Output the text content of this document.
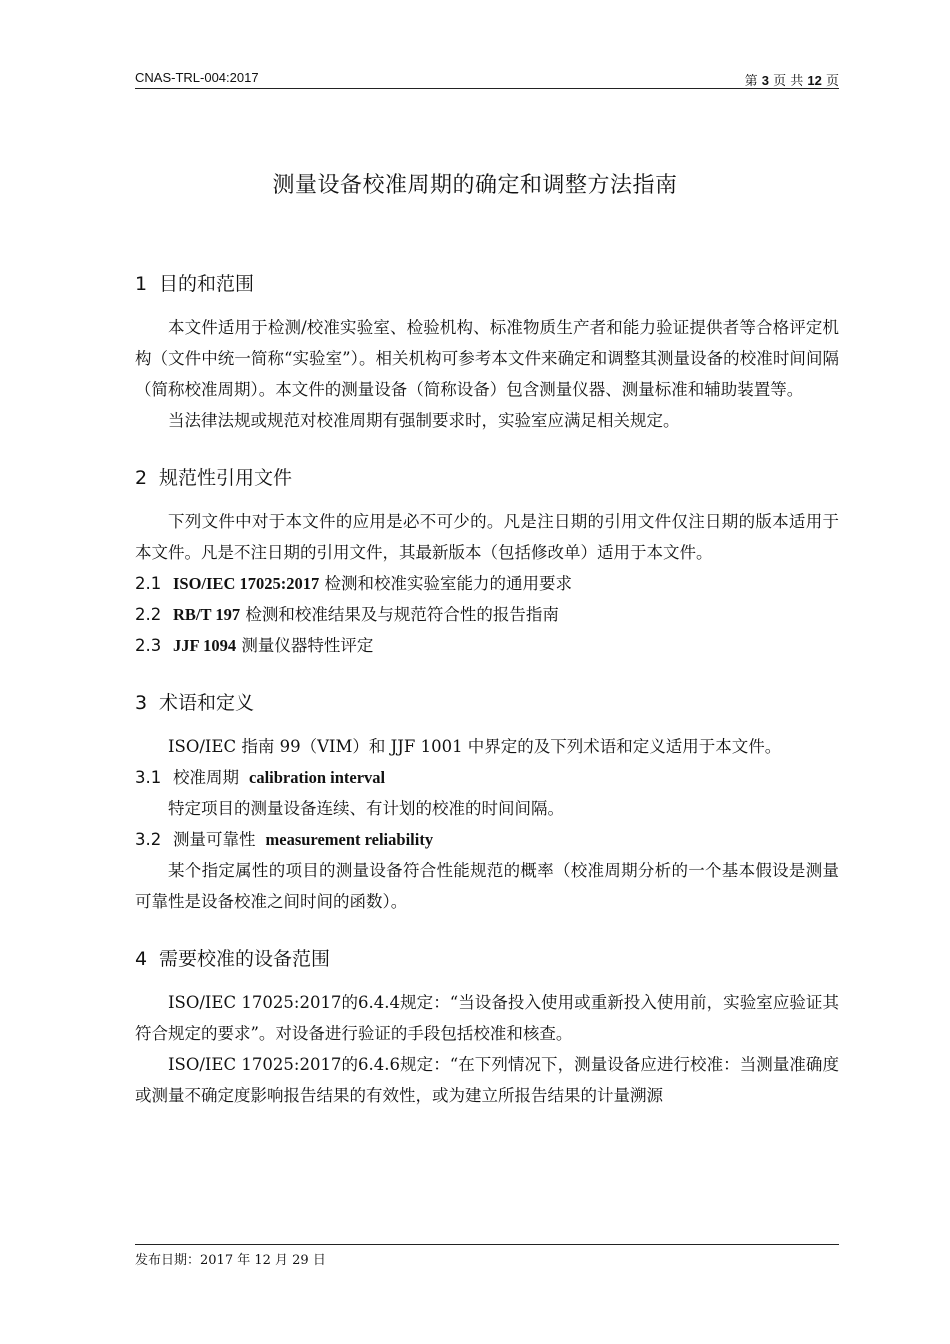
CNAS-TRL-004:2017	第 3 页 共 12 页
测量设备校准周期的确定和调整方法指南
1 目的和范围

本文件适用于检测/校准实验室、检验机构、标准物质生产者和能力验证提供者等合格评定机构（文件中统一简称“实验室”）。相关机构可参考本文件来确定和调整其测量设备的校准时间间隔（简称校准周期）。本文件的测量设备（简称设备）包含测量仪器、测量标准和辅助装置等。

当法律法规或规范对校准周期有强制要求时，实验室应满足相关规定。

2 规范性引用文件

下列文件中对于本文件的应用是必不可少的。凡是注日期的引用文件仅注日期的版本适用于本文件。凡是不注日期的引用文件，其最新版本（包括修改单）适用于本文件。

2.1 ISO/IEC 17025:2017 检测和校准实验室能力的通用要求
2.2 RB/T 197 检测和校准结果及与规范符合性的报告指南
2.3 JJF 1094 测量仪器特性评定
3 术语和定义

ISO/IEC 指南 99（VIM）和 JJF 1001 中界定的及下列术语和定义适用于本文件。

3.1 校准周期 calibration interval

特定项目的测量设备连续、有计划的校准的时间间隔。

3.2 测量可靠性 measurement reliability

某个指定属性的项目的测量设备符合性能规范的概率（校准周期分析的一个基本假设是测量可靠性是设备校准之间时间的函数）。

4 需要校准的设备范围

ISO/IEC 17025:2017的6.4.4规定：“当设备投入使用或重新投入使用前，实验室应验证其符合规定的要求”。对设备进行验证的手段包括校准和核查。

ISO/IEC 17025:2017的6.4.6规定：“在下列情况下，测量设备应进行校准：当测量准确度或测量不确定度影响报告结果的有效性，或为建立所报告结果的计量溯源

发布日期：2017 年 12 月 29 日
